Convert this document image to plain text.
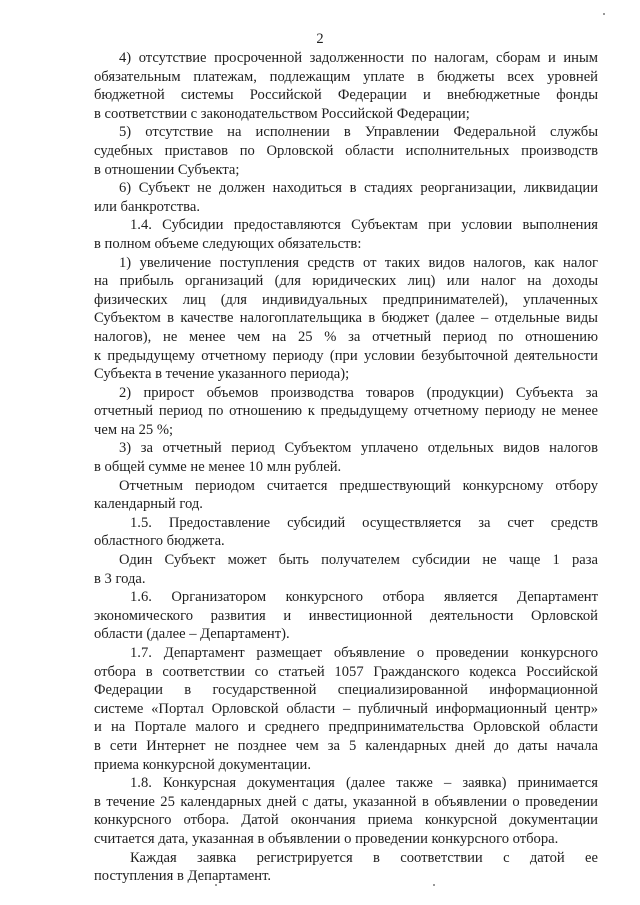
2
4) отсутствие просроченной задолженности по налогам, сборам и иным
обязательным платежам, подлежащим уплате в бюджеты всех уровней
бюджетной системы Российской Федерации и внебюджетные фонды
в соответствии с законодательством Российской Федерации;
5) отсутствие на исполнении в Управлении Федеральной службы
судебных приставов по Орловской области исполнительных производств
в отношении Субъекта;
6) Субъект не должен находиться в стадиях реорганизации, ликвидации
или банкротства.
1.4. Субсидии предоставляются Субъектам при условии выполнения
в полном объеме следующих обязательств:
1) увеличение поступления средств от таких видов налогов, как налог
на прибыль организаций (для юридических лиц) или налог на доходы
физических лиц (для индивидуальных предпринимателей), уплаченных
Субъектом в качестве налогоплательщика в бюджет (далее – отдельные виды
налогов), не менее чем на 25 % за отчетный период по отношению
к предыдущему отчетному периоду (при условии безубыточной деятельности
Субъекта в течение указанного периода);
2) прирост объемов производства товаров (продукции) Субъекта за
отчетный период по отношению к предыдущему отчетному периоду не менее
чем на 25 %;
3) за отчетный период Субъектом уплачено отдельных видов налогов
в общей сумме не менее 10 млн рублей.
Отчетным периодом считается предшествующий конкурсному отбору
календарный год.
1.5. Предоставление субсидий осуществляется за счет средств
областного бюджета.
Один Субъект может быть получателем субсидии не чаще 1 раза
в 3 года.
1.6. Организатором конкурсного отбора является Департамент
экономического развития и инвестиционной деятельности Орловской
области (далее – Департамент).
1.7. Департамент размещает объявление о проведении конкурсного
отбора в соответствии со статьей 1057 Гражданского кодекса Российской
Федерации в государственной специализированной информационной
системе «Портал Орловской области – публичный информационный центр»
и на Портале малого и среднего предпринимательства Орловской области
в сети Интернет не позднее чем за 5 календарных дней до даты начала
приема конкурсной документации.
1.8. Конкурсная документация (далее также – заявка) принимается
в течение 25 календарных дней с даты, указанной в объявлении о проведении
конкурсного отбора. Датой окончания приема конкурсной документации
считается дата, указанная в объявлении о проведении конкурсного отбора.
Каждая заявка регистрируется в соответствии с датой ее
поступления в Департамент.
